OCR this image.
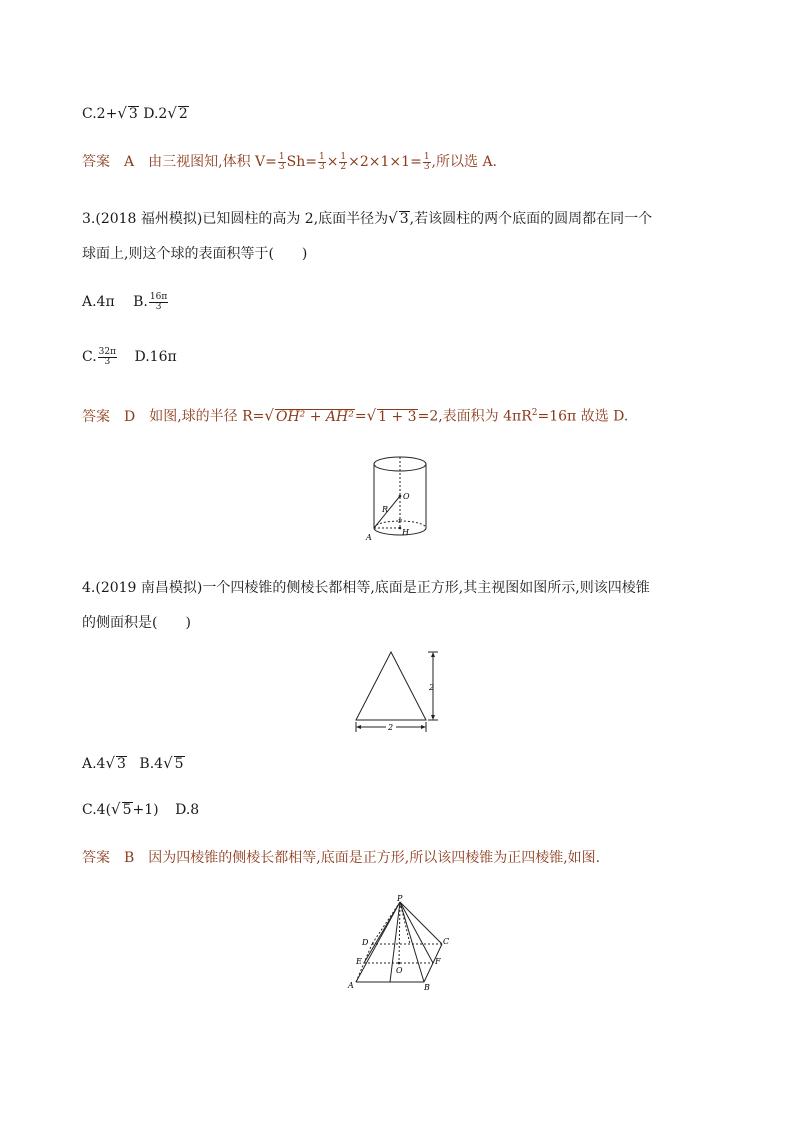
C.2+√ 3 D.2√ 2
答案 A 由三视图知,体积 $V= \frac{1}{3} Sh= \frac{1}{3} \times \frac{1}{2} \times 2\times 1\times 1= \frac{1}{3}$ ,所以选 A.
3.(2018 福州模拟)已知圆柱的高为 2,底面半径为√ 3,若该圆柱的两个底面的圆周都在同一个
球面上,则这个球的表面积等于(　　)
A.4π B. $\frac{16\pi}{3}$
C. $\frac{32\pi}{3} D.16\pi$
答案 D 如图,球的半径 R=√ OH² + AH²=√ 1 + 3=2,表面积为 $4\pi R^2=16\pi$ 故选 D.
O
R
r
H
A
4.(2019 南昌模拟)一个四棱锥的侧棱长都相等,底面是正方形,其主视图如图所示,则该四棱锥
的侧面积是(　　)
2
2
A.4√ 3 B.4√ 5
C.4(√ 5+1) D.8
答案 B 因为四棱锥的侧棱长都相等,底面是正方形,所以该四棱锥为正四棱锥,如图.
P
D	C
E	F
O
A	B
